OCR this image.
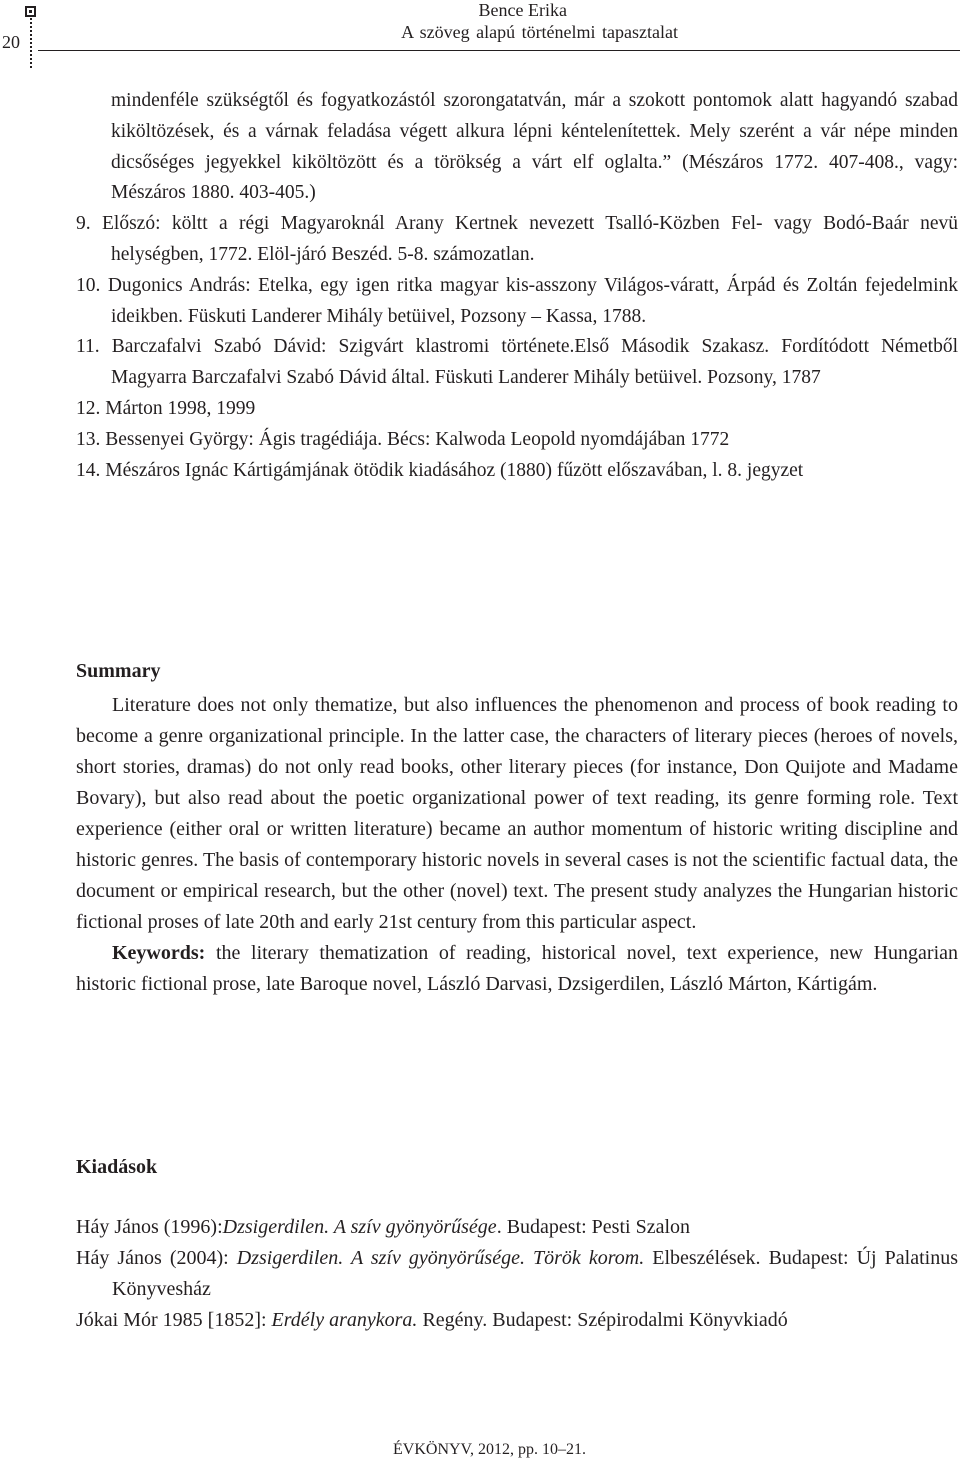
20
Bence Erika
A szöveg alapú történelmi tapasztalat
mindenféle szükségtől és fogyatkozástól szorongatatván, már a szokott pontomok alatt hagyandó szabad kiköltözések, és a várnak feladása végett alkura lépni kéntelenítettek. Mely szerént a vár népe minden dicsőséges jegyekkel kiköltözött és a törökség a várt elf oglalta.” (Mészáros 1772. 407-408., vagy: Mészáros 1880. 403-405.)
9. Előszó: költt a régi Magyaroknál Arany Kertnek nevezett Tsalló-Közben Fel- vagy Bodó-Baár nevü helységben, 1772. Elöl-járó Beszéd. 5-8. számozatlan.
10. Dugonics András: Etelka, egy igen ritka magyar kis-asszony Világos-váratt, Árpád és Zoltán fejedelmink ideikben. Füskuti Landerer Mihály betüivel, Pozsony – Kassa, 1788.
11. Barczafalvi Szabó Dávid: Szigvárt klastromi története.Első Második Szakasz. Fordítódott Németből Magyarra Barczafalvi Szabó Dávid által. Füskuti Landerer Mihály betüivel. Pozsony, 1787
12. Márton 1998, 1999
13. Bessenyei György: Ágis tragédiája. Bécs: Kalwoda Leopold nyomdájában 1772
14. Mészáros Ignác Kártigámjának ötödik kiadásához (1880) fűzött előszavában, l. 8. jegyzet
Summary

Literature does not only thematize, but also influences the phenomenon and process of book reading to become a genre organizational principle. In the latter case, the characters of literary pieces (heroes of novels, short stories, dramas) do not only read books, other literary pieces (for instance, Don Quijote and Madame Bovary), but also read about the poetic organizational power of text reading, its genre forming role. Text experience (either oral or written literature) became an author momentum of historic writing discipline and historic genres. The basis of contemporary historic novels in several cases is not the scientific factual data, the document or empirical research, but the other (novel) text. The present study analyzes the Hungarian historic fictional proses of late 20th and early 21st century from this particular aspect.

Keywords: the literary thematization of reading, historical novel, text experience, new Hungarian historic fictional prose, late Baroque novel, László Darvasi, Dzsigerdilen, László Márton, Kártigám.

Kiadások
Háy János (1996):Dzsigerdilen. A szív gyönyörűsége. Budapest: Pesti Szalon
Háy János (2004): Dzsigerdilen. A szív gyönyörűsége. Török korom. Elbeszélések. Budapest: Új Palatinus Könyvesház
Jókai Mór 1985 [1852]: Erdély aranykora. Regény. Budapest: Szépirodalmi Könyvkiadó
ÉVKÖNYV, 2012, pp. 10–21.
